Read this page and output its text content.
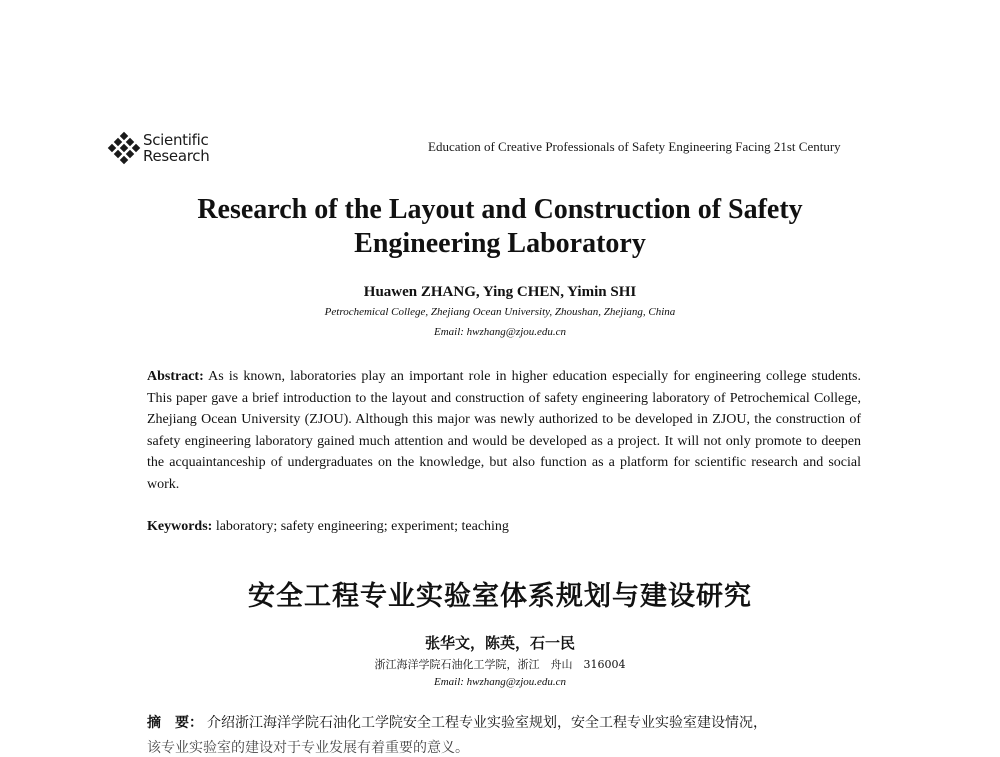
Scientific
Research
Education of Creative Professionals of Safety Engineering Facing 21st Century
Research of the Layout and Construction of Safety
Engineering Laboratory
Huawen ZHANG, Ying CHEN, Yimin SHI
Petrochemical College, Zhejiang Ocean University, Zhoushan, Zhejiang, China
Email: hwzhang@zjou.edu.cn
Abstract: As is known, laboratories play an important role in higher education especially for engineering college students. This paper gave a brief introduction to the layout and construction of safety engineering laboratory of Petrochemical College, Zhejiang Ocean University (ZJOU). Although this major was newly authorized to be developed in ZJOU, the construction of safety engineering laboratory gained much attention and would be developed as a project. It will not only promote to deepen the acquaintanceship of undergraduates on the knowledge, but also function as a platform for scientific research and social work.
Keywords: laboratory; safety engineering; experiment; teaching
安全工程专业实验室体系规划与建设研究
张华文，陈英，石一民
浙江海洋学院石油化工学院，浙江　舟山　316004
Email: hwzhang@zjou.edu.cn
摘　要： 介绍浙江海洋学院石油化工学院安全工程专业实验室规划，安全工程专业实验室建设情况，
该专业实验室的建设对于专业发展有着重要的意义。
